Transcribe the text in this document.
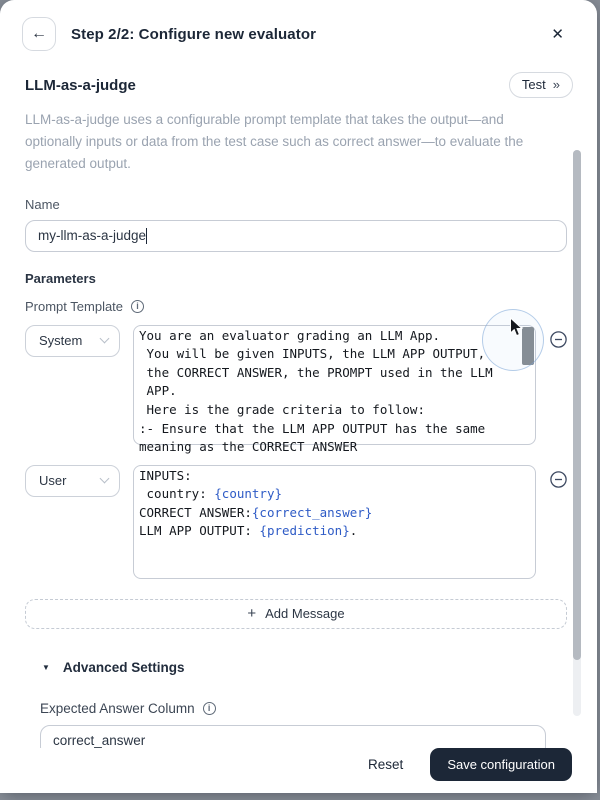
← Step 2/2: Configure new evaluator	✕
LLM-as-a-judge	Test »

LLM-as-a-judge uses a configurable prompt template that takes the output—and optionally inputs or data from the test case such as correct answer—to evaluate the generated output.

Name
my-llm-as-a-judge
Parameters
Prompt Template	i
System	You are an evaluator grading an LLM App.
You will be given INPUTS, the LLM APP OUTPUT,
the CORRECT ANSWER, the PROMPT used in the LLM
APP.
Here is the grade criteria to follow:
:- Ensure that the LLM APP OUTPUT has the same
meaning as the CORRECT ANSWER
User	INPUTS:
country: {country}
CORRECT ANSWER:{correct_answer}
LLM APP OUTPUT: {prediction}.
+ Add Message
▼ Advanced Settings
Expected Answer Column	i
correct_answer
Reset	Save configuration
